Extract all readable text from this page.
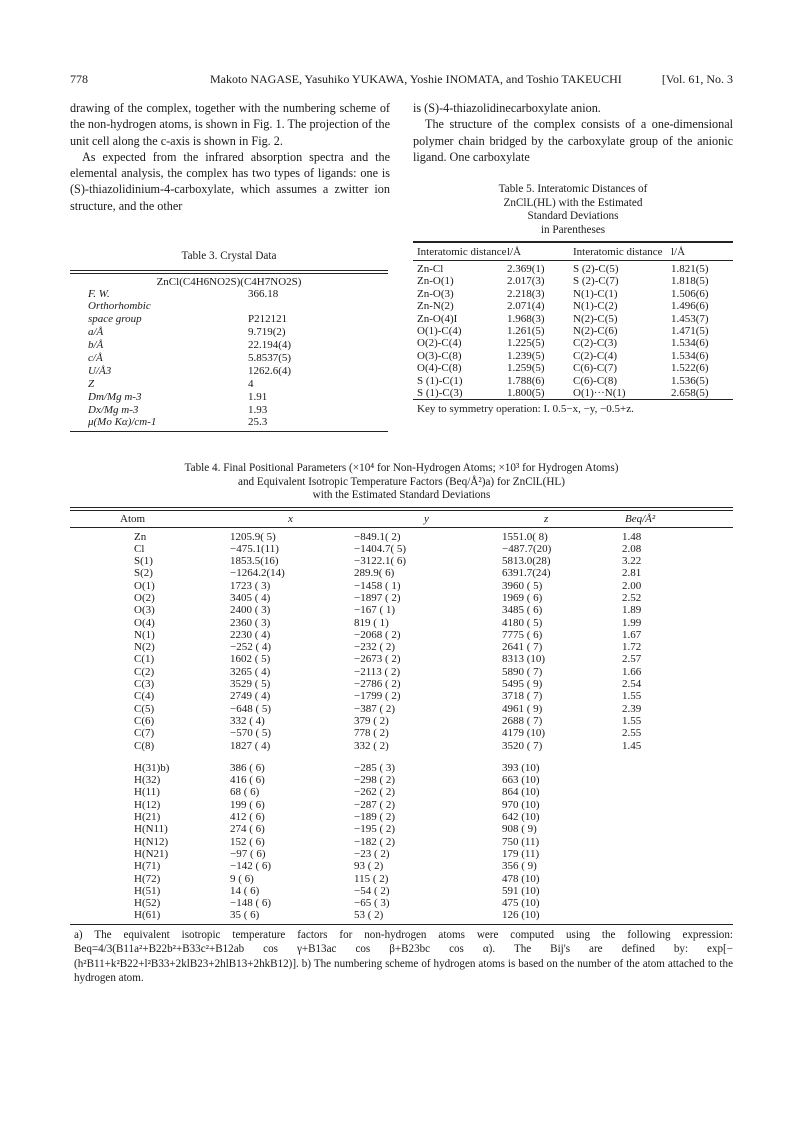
778	Makoto NAGASE, Yasuhiko YUKAWA, Yoshie INOMATA, and Toshio TAKEUCHI	[Vol. 61, No. 3

drawing of the complex, together with the numbering scheme of the non-hydrogen atoms, is shown in Fig. 1. The projection of the unit cell along the c-axis is shown in Fig. 2.

As expected from the infrared absorption spectra and the elemental analysis, the complex has two types of ligands: one is (S)-thiazolidinium-4-carboxylate, which assumes a zwitter ion structure, and the other

is (S)-4-thiazolidinecarboxylate anion.

The structure of the complex consists of a one-dimensional polymer chain bridged by the carboxylate group of the anionic ligand. One carboxylate

Table 3. Crystal Data
ZnCl(C4H6NO2S)(C4H7NO2S)
F. W.	366.18
Orthorhombic
space group	P212121
a/Å	9.719(2)
b/Å	22.194(4)
c/Å	5.8537(5)
U/Å3	1262.6(4)
Z	4
Dm/Mg m-3	1.91
Dx/Mg m-3	1.93
μ(Mo Kα)/cm-1	25.3
Table 5. Interatomic Distances of
ZnClL(HL) with the Estimated
Standard Deviations
in Parentheses
Interatomic distance	l/Å	Interatomic distance	l/Å
Zn-Cl	2.369(1)	S (2)-C(5)	1.821(5)
Zn-O(1)	2.017(3)	S (2)-C(7)	1.818(5)
Zn-O(3)	2.218(3)	N(1)-C(1)	1.506(6)
Zn-N(2)	2.071(4)	N(1)-C(2)	1.496(6)
Zn-O(4)I	1.968(3)	N(2)-C(5)	1.453(7)
O(1)-C(4)	1.261(5)	N(2)-C(6)	1.471(5)
O(2)-C(4)	1.225(5)	C(2)-C(3)	1.534(6)
O(3)-C(8)	1.239(5)	C(2)-C(4)	1.534(6)
O(4)-C(8)	1.259(5)	C(6)-C(7)	1.522(6)
S (1)-C(1)	1.788(6)	C(6)-C(8)	1.536(5)
S (1)-C(3)	1.800(5)	O(1)···N(1)	2.658(5)
Key to symmetry operation: I. 0.5−x, −y, −0.5+z.
Table 4. Final Positional Parameters (×10⁴ for Non-Hydrogen Atoms; ×10³ for Hydrogen Atoms)
and Equivalent Isotropic Temperature Factors (Beq/Å²)a) for ZnClL(HL)
with the Estimated Standard Deviations
Atom	x	y	z	Beq/Å²
Zn	1205.9( 5)	−849.1( 2)	1551.0( 8)	1.48
Cl	−475.1(11)	−1404.7( 5)	−487.7(20)	2.08
S(1)	1853.5(16)	−3122.1( 6)	5813.0(28)	3.22
S(2)	−1264.2(14)	289.9( 6)	6391.7(24)	2.81
O(1)	1723 ( 3)	−1458 ( 1)	3960 ( 5)	2.00
O(2)	3405 ( 4)	−1897 ( 2)	1969 ( 6)	2.52
O(3)	2400 ( 3)	−167 ( 1)	3485 ( 6)	1.89
O(4)	2360 ( 3)	819 ( 1)	4180 ( 5)	1.99
N(1)	2230 ( 4)	−2068 ( 2)	7775 ( 6)	1.67
N(2)	−252 ( 4)	−232 ( 2)	2641 ( 7)	1.72
C(1)	1602 ( 5)	−2673 ( 2)	8313 (10)	2.57
C(2)	3265 ( 4)	−2113 ( 2)	5890 ( 7)	1.66
C(3)	3529 ( 5)	−2786 ( 2)	5495 ( 9)	2.54
C(4)	2749 ( 4)	−1799 ( 2)	3718 ( 7)	1.55
C(5)	−648 ( 5)	−387 ( 2)	4961 ( 9)	2.39
C(6)	332 ( 4)	379 ( 2)	2688 ( 7)	1.55
C(7)	−570 ( 5)	778 ( 2)	4179 (10)	2.55
C(8)	1827 ( 4)	332 ( 2)	3520 ( 7)	1.45
H(31)b)	386 ( 6)	−285 ( 3)	393 (10)
H(32)	416 ( 6)	−298 ( 2)	663 (10)
H(11)	68 ( 6)	−262 ( 2)	864 (10)
H(12)	199 ( 6)	−287 ( 2)	970 (10)
H(21)	412 ( 6)	−189 ( 2)	642 (10)
H(N11)	274 ( 6)	−195 ( 2)	908 ( 9)
H(N12)	152 ( 6)	−182 ( 2)	750 (11)
H(N21)	−97 ( 6)	−23 ( 2)	179 (11)
H(71)	−142 ( 6)	93 ( 2)	356 ( 9)
H(72)	9 ( 6)	115 ( 2)	478 (10)
H(51)	14 ( 6)	−54 ( 2)	591 (10)
H(52)	−148 ( 6)	−65 ( 3)	475 (10)
H(61)	35 ( 6)	53 ( 2)	126 (10)
a) The equivalent isotropic temperature factors for non-hydrogen atoms were computed using the following expression: Beq=4/3(B11a²+B22b²+B33c²+B12ab cos γ+B13ac cos β+B23bc cos α). The Bij's are defined by: exp[−(h²B11+k²B22+l²B33+2klB23+2hlB13+2hkB12)]. b) The numbering scheme of hydrogen atoms is based on the number of the atom attached to the hydrogen atom.
